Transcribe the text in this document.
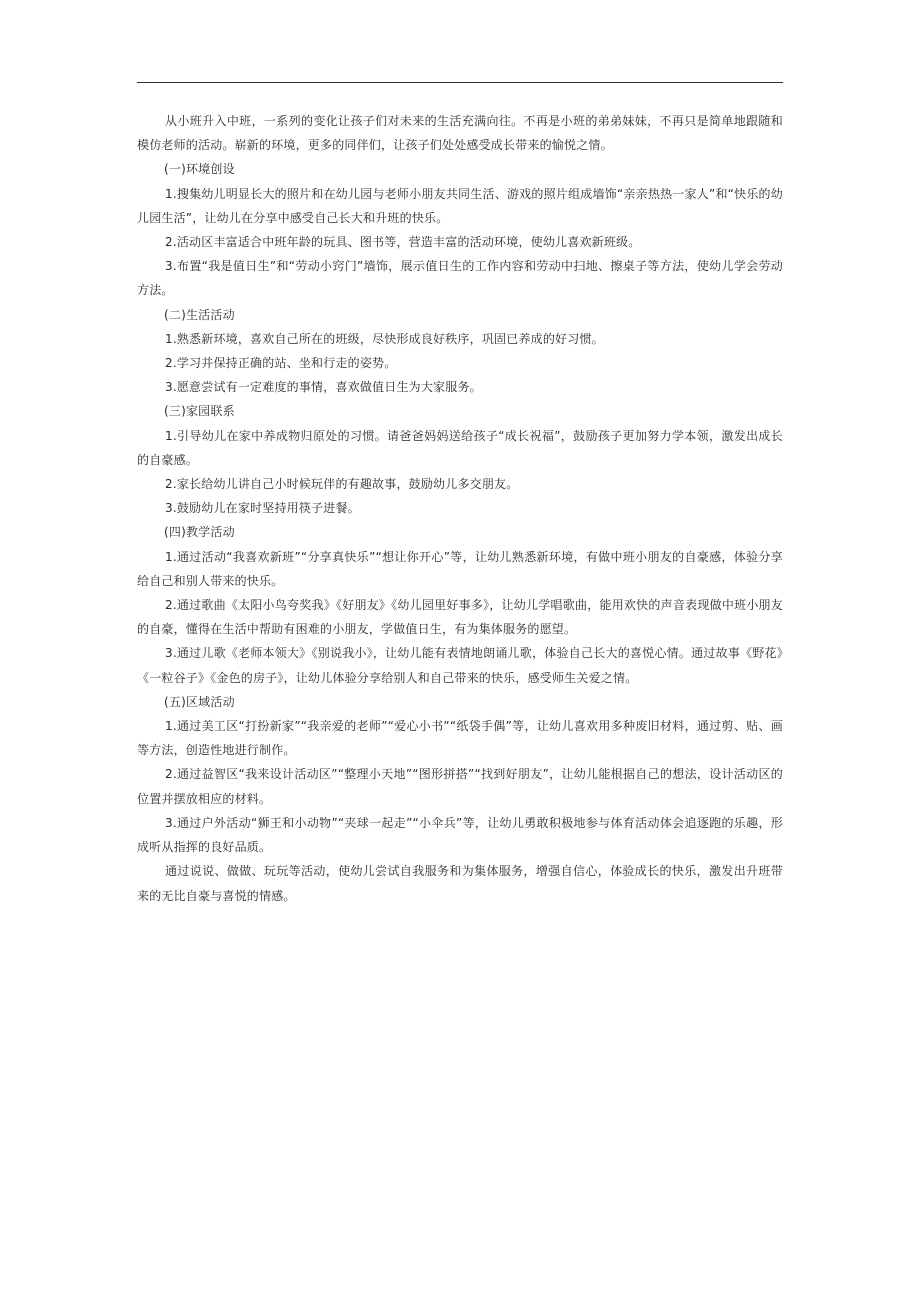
从小班升入中班，一系列的变化让孩子们对未来的生活充满向往。不再是小班的弟弟妹妹，不再只是简单地跟随和模仿老师的活动。崭新的环境，更多的同伴们，让孩子们处处感受成长带来的愉悦之情。

(一)环境创设

1.搜集幼儿明显长大的照片和在幼儿园与老师小朋友共同生活、游戏的照片组成墙饰“亲亲热热一家人”和“快乐的幼儿园生活”，让幼儿在分享中感受自己长大和升班的快乐。

2.活动区丰富适合中班年龄的玩具、图书等，营造丰富的活动环境，使幼儿喜欢新班级。

3.布置“我是值日生”和“劳动小窍门”墙饰，展示值日生的工作内容和劳动中扫地、擦桌子等方法，使幼儿学会劳动方法。

(二)生活活动

1.熟悉新环境，喜欢自己所在的班级，尽快形成良好秩序，巩固已养成的好习惯。

2.学习并保持正确的站、坐和行走的姿势。

3.愿意尝试有一定难度的事情，喜欢做值日生为大家服务。

(三)家园联系

1.引导幼儿在家中养成物归原处的习惯。请爸爸妈妈送给孩子“成长祝福”，鼓励孩子更加努力学本领，激发出成长的自豪感。

2.家长给幼儿讲自己小时候玩伴的有趣故事，鼓励幼儿多交朋友。

3.鼓励幼儿在家时坚持用筷子进餐。

(四)教学活动

1.通过活动“我喜欢新班”“分享真快乐”“想让你开心”等，让幼儿熟悉新环境，有做中班小朋友的自豪感，体验分享给自己和别人带来的快乐。

2.通过歌曲《太阳小鸟夸奖我》《好朋友》《幼儿园里好事多》，让幼儿学唱歌曲，能用欢快的声音表现做中班小朋友的自豪，懂得在生活中帮助有困难的小朋友，学做值日生，有为集体服务的愿望。

3.通过儿歌《老师本领大》《别说我小》，让幼儿能有表情地朗诵儿歌，体验自己长大的喜悦心情。通过故事《野花》《一粒谷子》《金色的房子》，让幼儿体验分享给别人和自己带来的快乐，感受师生关爱之情。

(五)区域活动

1.通过美工区“打扮新家”“我亲爱的老师”“爱心小书”“纸袋手偶”等，让幼儿喜欢用多种废旧材料，通过剪、贴、画等方法，创造性地进行制作。

2.通过益智区“我来设计活动区”“整理小天地”“图形拼搭”“找到好朋友”，让幼儿能根据自己的想法，设计活动区的位置并摆放相应的材料。

3.通过户外活动“狮王和小动物”“夹球一起走”“小伞兵”等，让幼儿勇敢积极地参与体育活动体会追逐跑的乐趣，形成听从指挥的良好品质。

通过说说、做做、玩玩等活动，使幼儿尝试自我服务和为集体服务，增强自信心，体验成长的快乐，激发出升班带来的无比自豪与喜悦的情感。
